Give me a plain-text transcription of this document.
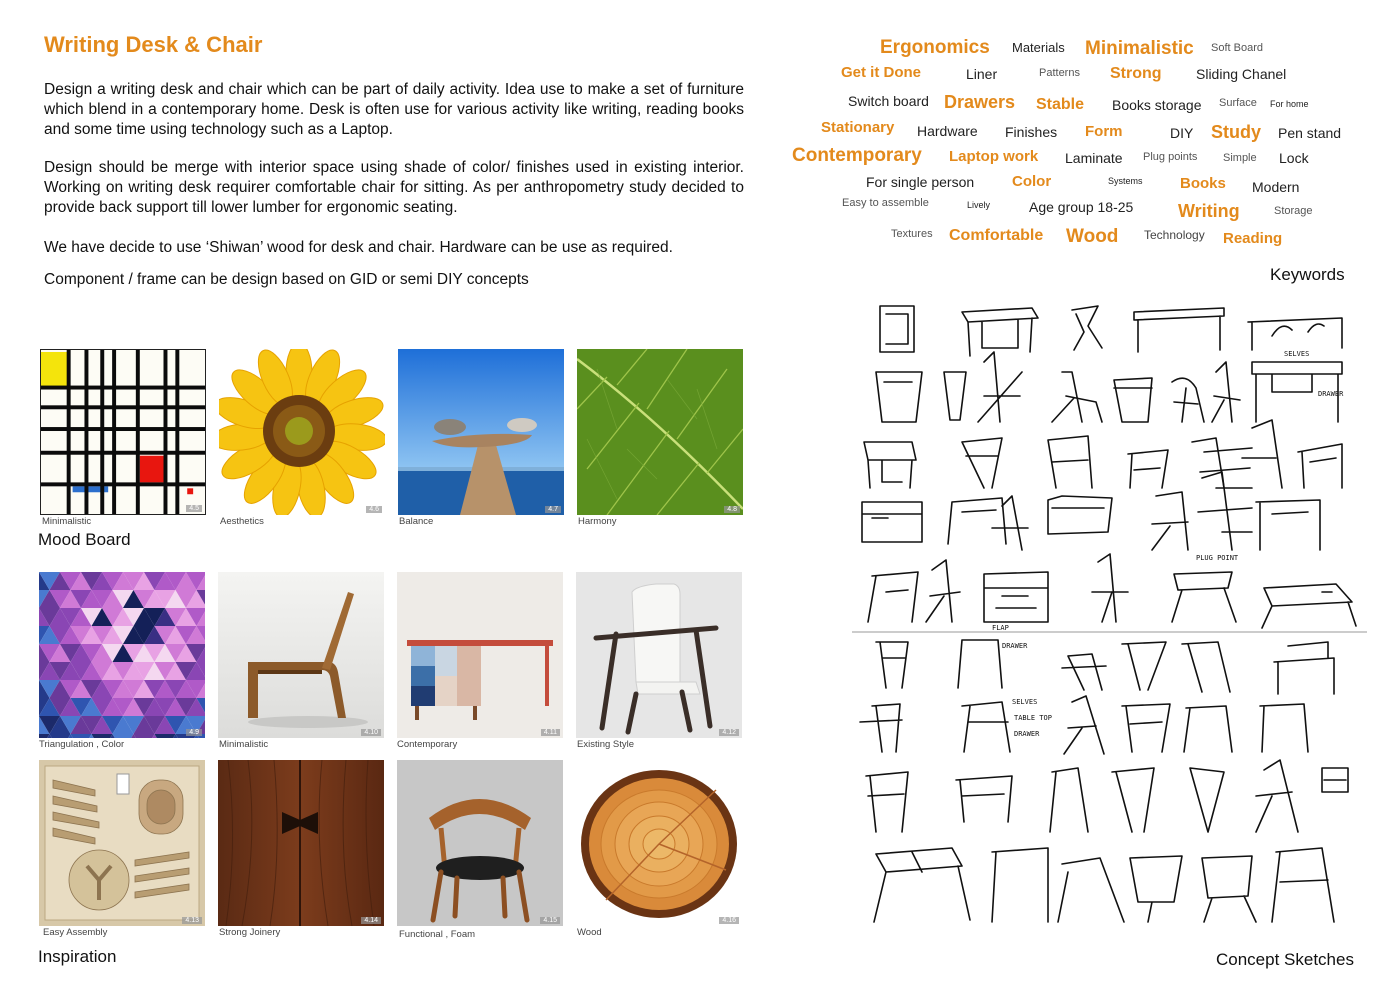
Writing Desk & Chair

Design a writing desk and chair which can be part of daily activity. Idea use to make a set of furniture which blend in a contemporary home. Desk is often use for various activity like writing, reading books and some time using technology such as a Laptop.

Design should be merge with interior space using shade of color/ finishes used in existing interior. Working on writing desk requirer comfortable chair for sitting. As per anthropometry study decided to provide back support till lower lumber for ergonomic seating.

We have decide to use ‘Shiwan’ wood for desk and chair. Hardware can be use as required.

Component / frame can be design based on GID or semi DIY concepts

4.5
Minimalistic
4.6
Aesthetics
4.7
Balance
4.8
Harmony
Mood Board
4.9
Triangulation , Color
4.10
Minimalistic
4.11
Contemporary
4.12
Existing Style
4.13
Easy Assembly
4.14
Strong Joinery
4.15
Functional , Foam
4.16
Wood
Inspiration
Ergonomics Materials Minimalistic Soft Board
Get it Done	Liner	Patterns Strong Sliding Chanel
Switch board Drawers Stable Books storage Surface For home
Stationary Hardware Finishes Form	DIY Study Pen stand
Contemporary Laptop work Laminate Plug points Simple Lock
For single person	Color	Systems Books Modern
Easy to assemble	Lively	Age group 18-25 Writing	Storage
Textures Comfortable Wood Technology Reading
Keywords
SELVES
DRAWER
PLUG POINT
FLAP
DRAWER
SELVES
TABLE TOP
DRAWER
Concept Sketches
